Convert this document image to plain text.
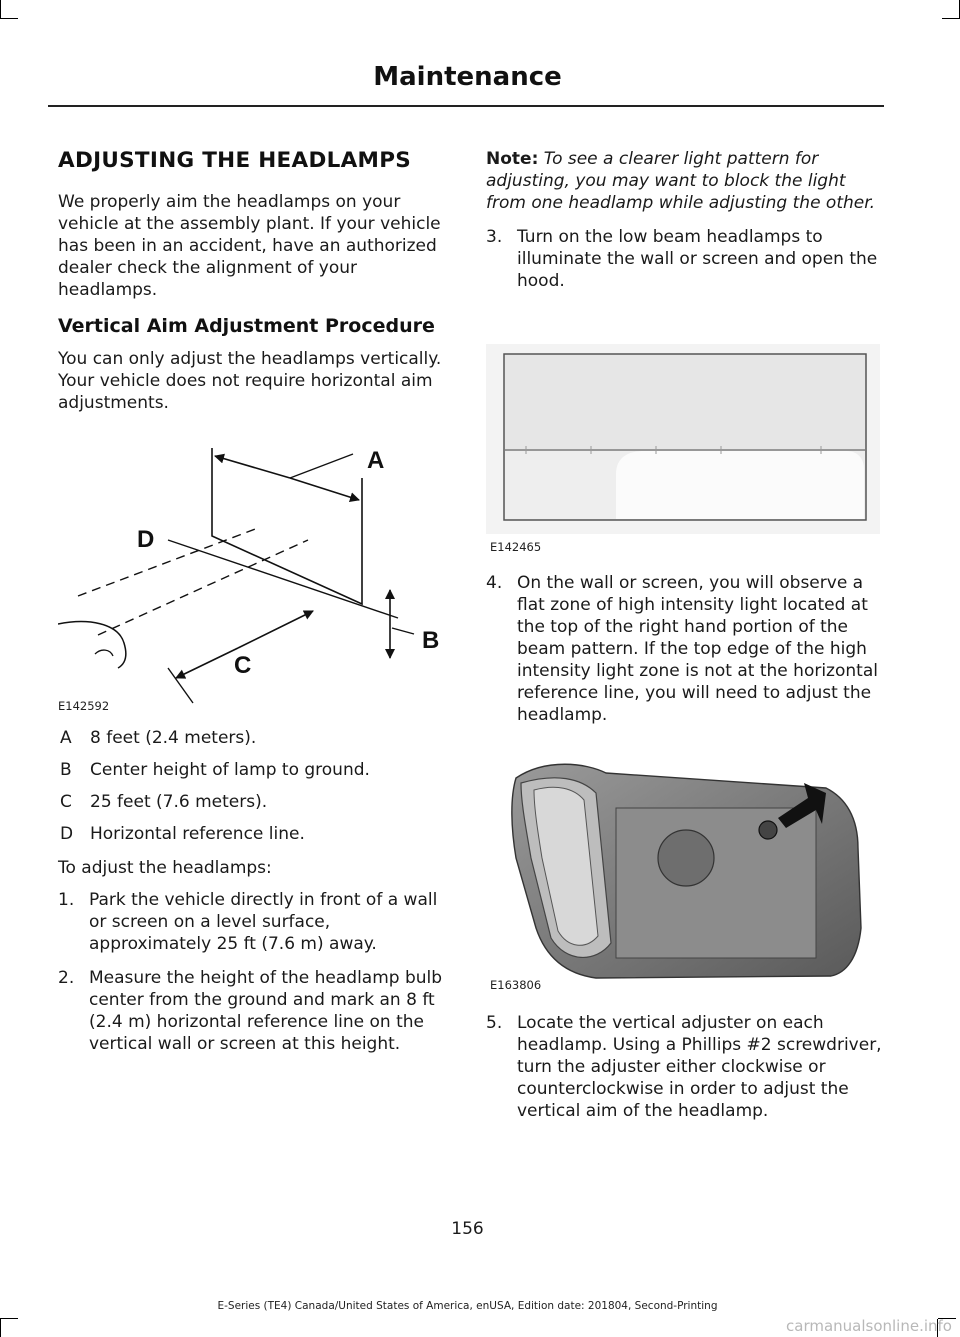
Maintenance
ADJUSTING THE HEADLAMPS

We properly aim the headlamps on your vehicle at the assembly plant. If your vehicle has been in an accident, have an authorized dealer check the alignment of your headlamps.

Vertical Aim Adjustment Procedure

You can only adjust the headlamps vertically. Your vehicle does not require horizontal aim adjustments.

A
B
C
D
E142592
A	8 feet (2.4 meters).
B	Center height of lamp to ground.
C	25 feet (7.6 meters).
D Horizontal reference line.

To adjust the headlamps:

1. Park the vehicle directly in front of a wall or screen on a level surface, approximately 25 ft (7.6 m) away.
2. Measure the height of the headlamp bulb center from the ground and mark an 8 ft (2.4 m) horizontal reference line on the vertical wall or screen at this height.

Note: To see a clearer light pattern for adjusting, you may want to block the light from one headlamp while adjusting the other.

3. Turn on the low beam headlamps to illuminate the wall or screen and open the hood.
E142465
4. On the wall or screen, you will observe a flat zone of high intensity light located at the top of the right hand portion of the beam pattern. If the top edge of the high intensity light zone is not at the horizontal reference line, you will need to adjust the headlamp.
E163806
5. Locate the vertical adjuster on each headlamp. Using a Phillips #2 screwdriver, turn the adjuster either clockwise or counterclockwise in order to adjust the vertical aim of the headlamp.
156
E-Series (TE4) Canada/United States of America, enUSA, Edition date: 201804, Second-Printing
carmanualsonline.info
